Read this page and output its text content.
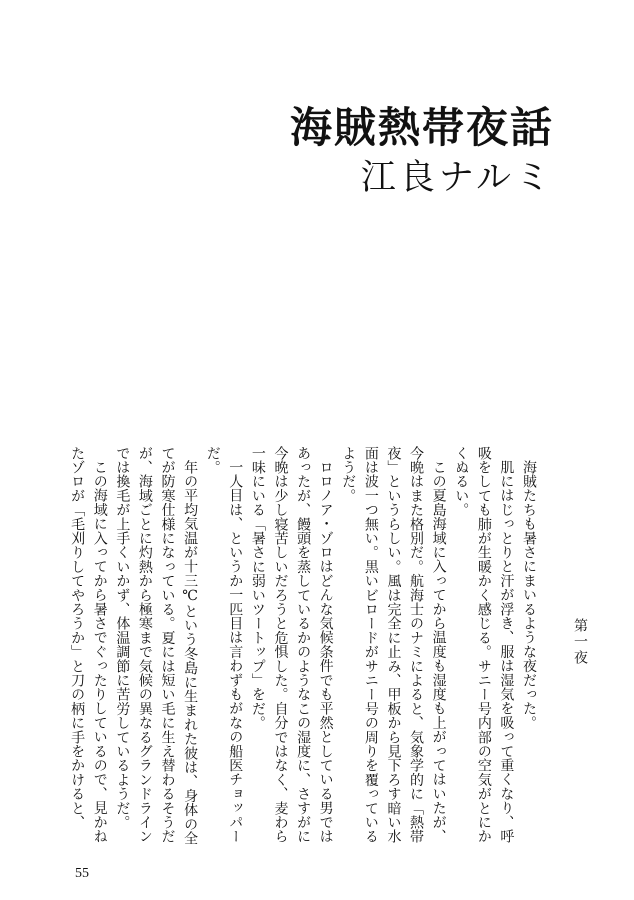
海賊熱帯夜話
江良ナルミ
第一夜

海賊たちも暑さにまいるような夜だった。

肌にはじっとりと汗が浮き、服は湿気を吸って重くなり、呼吸をしても肺が生暖かく感じる。サニー号内部の空気がとにかくぬるい。

この夏島海域に入ってから温度も湿度も上がってはいたが、今晩はまた格別だ。航海士のナミによると、気象学的に「熱帯夜」というらしい。風は完全に止み、甲板から見下ろす暗い水面は波一つ無い。黒いビロードがサニー号の周りを覆っているようだ。

ロロノア・ゾロはどんな気候条件でも平然としている男ではあったが、饅頭を蒸しているかのようなこの湿度に、さすがに今晩は少し寝苦しいだろうと危惧した。自分ではなく、麦わら一味にいる「暑さに弱いツートップ」をだ。

一人目は、というか一匹目は言わずもがなの船医チョッパーだ。

年の平均気温が十三℃という冬島に生まれた彼は、身体の全てが防寒仕様になっている。夏には短い毛に生え替わるそうだが、海域ごとに灼熱から極寒まで気候の異なるグランドラインでは換毛が上手くいかず、体温調節に苦労しているようだ。

この海域に入ってから暑さでぐったりしているので、見かねたゾロが「毛刈りしてやろうか」と刀の柄に手をかけると、

55
